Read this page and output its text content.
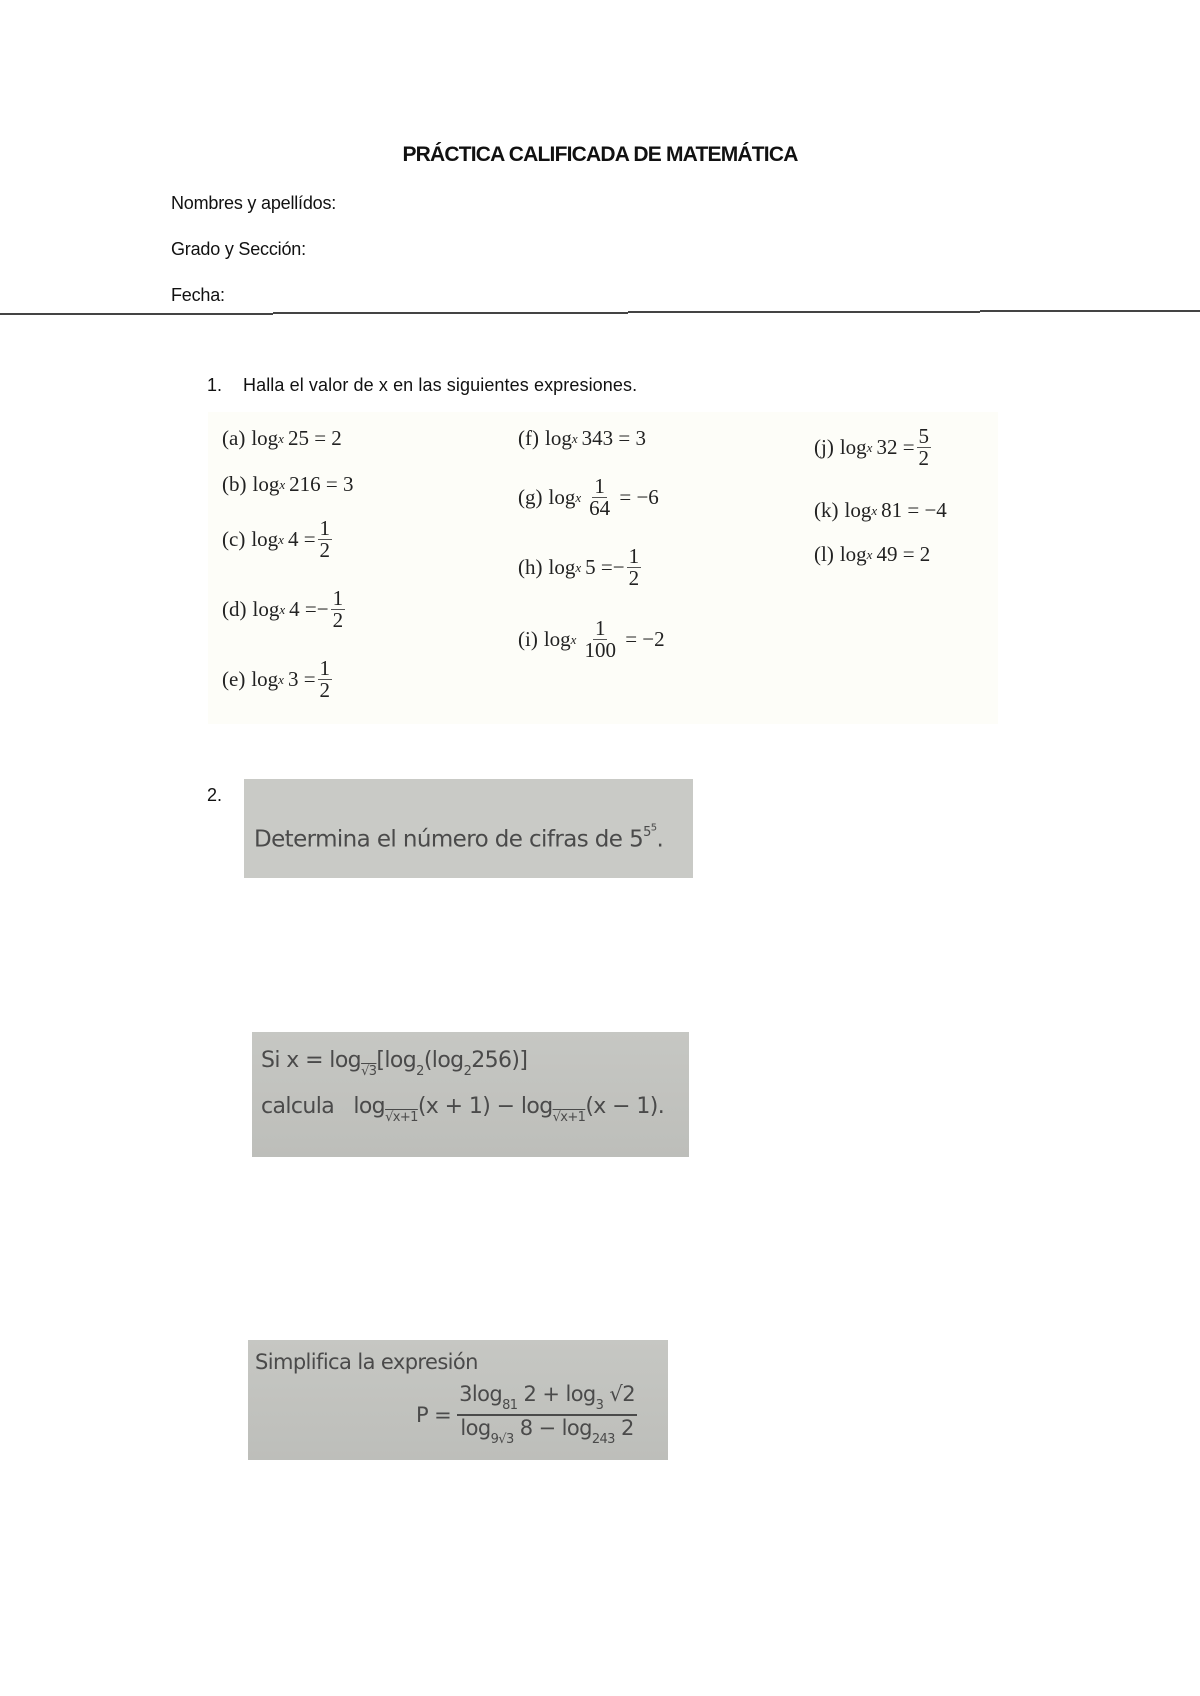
PRÁCTICA CALIFICADA DE MATEMÁTICA
Nombres y apellídos:
Grado y Sección:
Fecha:
1. Halla el valor de x en las siguientes expresiones.
(a) log x 25
= 2
(b) log x 216
= 3
(c) log x 4
= $\frac{1}{2}$
(d) log x 4
= − $\frac{1}{2}$
(e) log x 3
= $\frac{1}{2}$
(f) log x 343
= 3
(g) log x $\frac{1}{64}$
= −6
(h) log x 5
= − $\frac{1}{2}$
(i) log x $\frac{1}{100}$
= −2
(j) log x 32
= $\frac{5}{2}$
(k) log x 81
= −4
(l) log x 49
= 2
2.
Determina el número de cifras de $5^{5^5}$.
Si $x = \log_{√3}[\log_2(\log_2256)]$
calcula $\log_{√x+1}(x + 1) - \log_{√x+1}(x - 1)$.
Simplifica la expresión
$P = \frac{3\log_{81} 2 + \log_3 √2}{\log_{9√3} 8 - \log_{243} 2}$
